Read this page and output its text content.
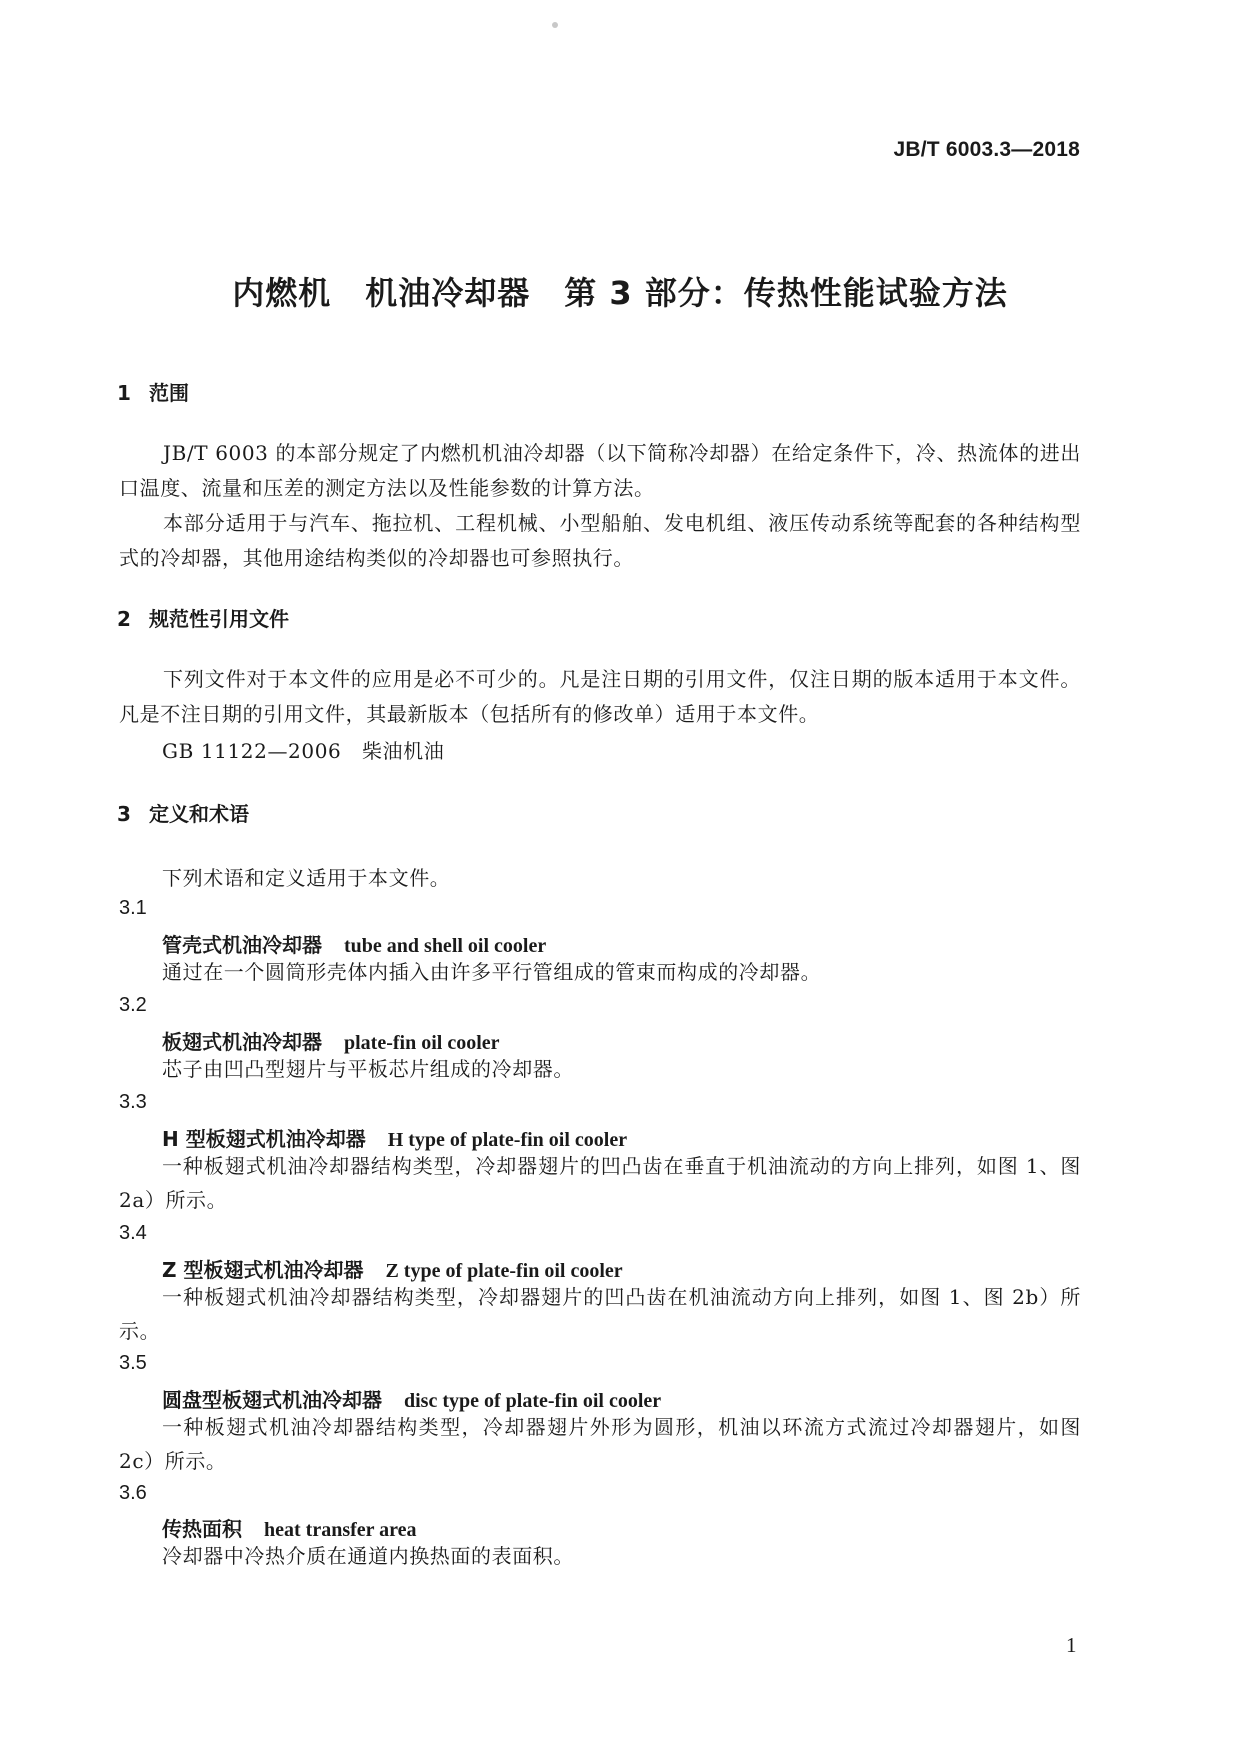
JB/T 6003.3—2018
内燃机 机油冷却器 第 3 部分：传热性能试验方法
1 范围
JB/T 6003 的本部分规定了内燃机机油冷却器（以下简称冷却器）在给定条件下，冷、热流体的进出口温度、流量和压差的测定方法以及性能参数的计算方法。
本部分适用于与汽车、拖拉机、工程机械、小型船舶、发电机组、液压传动系统等配套的各种结构型式的冷却器，其他用途结构类似的冷却器也可参照执行。
2 规范性引用文件
下列文件对于本文件的应用是必不可少的。凡是注日期的引用文件，仅注日期的版本适用于本文件。凡是不注日期的引用文件，其最新版本（包括所有的修改单）适用于本文件。
GB 11122—2006　柴油机油
3 定义和术语
下列术语和定义适用于本文件。
3.1
管壳式机油冷却器 tube and shell oil cooler
通过在一个圆筒形壳体内插入由许多平行管组成的管束而构成的冷却器。
3.2
板翅式机油冷却器 plate-fin oil cooler
芯子由凹凸型翅片与平板芯片组成的冷却器。
3.3
H 型板翅式机油冷却器 H type of plate-fin oil cooler
一种板翅式机油冷却器结构类型，冷却器翅片的凹凸齿在垂直于机油流动的方向上排列，如图 1、图 2a）所示。
3.4
Z 型板翅式机油冷却器 Z type of plate-fin oil cooler
一种板翅式机油冷却器结构类型，冷却器翅片的凹凸齿在机油流动方向上排列，如图 1、图 2b）所示。
3.5
圆盘型板翅式机油冷却器 disc type of plate-fin oil cooler
一种板翅式机油冷却器结构类型，冷却器翅片外形为圆形，机油以环流方式流过冷却器翅片，如图 2c）所示。
3.6
传热面积 heat transfer area
冷却器中冷热介质在通道内换热面的表面积。
1
